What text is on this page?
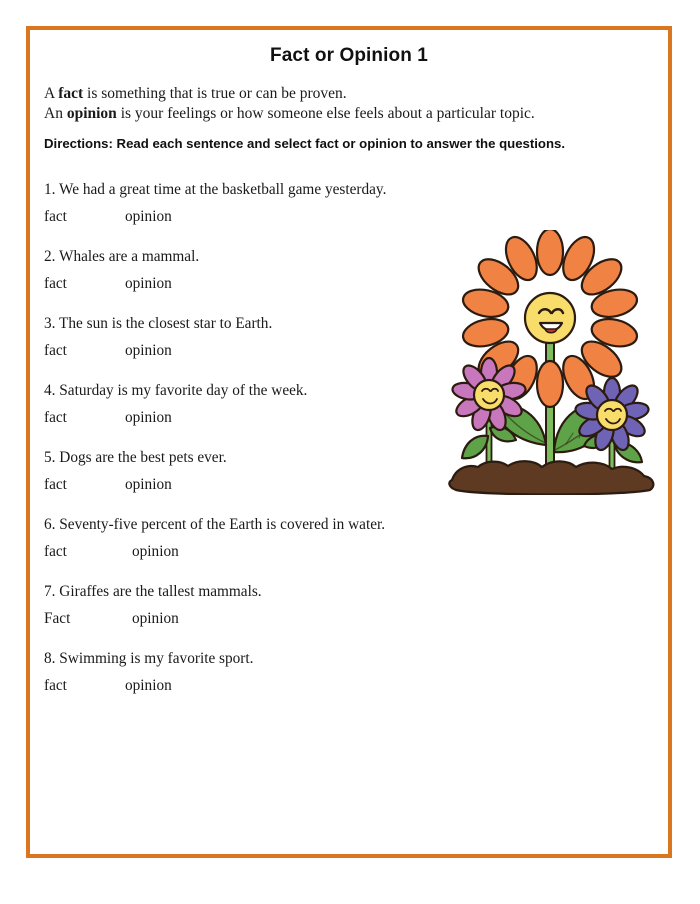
Fact or Opinion 1
A fact is something that is true or can be proven.
An opinion is your feelings or how someone else feels about a particular topic.
Directions: Read each sentence and select fact or opinion to answer the questions.
1. We had a great time at the basketball game yesterday.
fact	opinion
2. Whales are a mammal.
fact	opinion
3. The sun is the closest star to Earth.
fact	opinion
4. Saturday is my favorite day of the week.
fact	opinion
5. Dogs are the best pets ever.
fact	opinion
6. Seventy-five percent of the Earth is covered in water.
fact	opinion
7. Giraffes are the tallest mammals.
Fact	opinion
8. Swimming is my favorite sport.
fact	opinion
